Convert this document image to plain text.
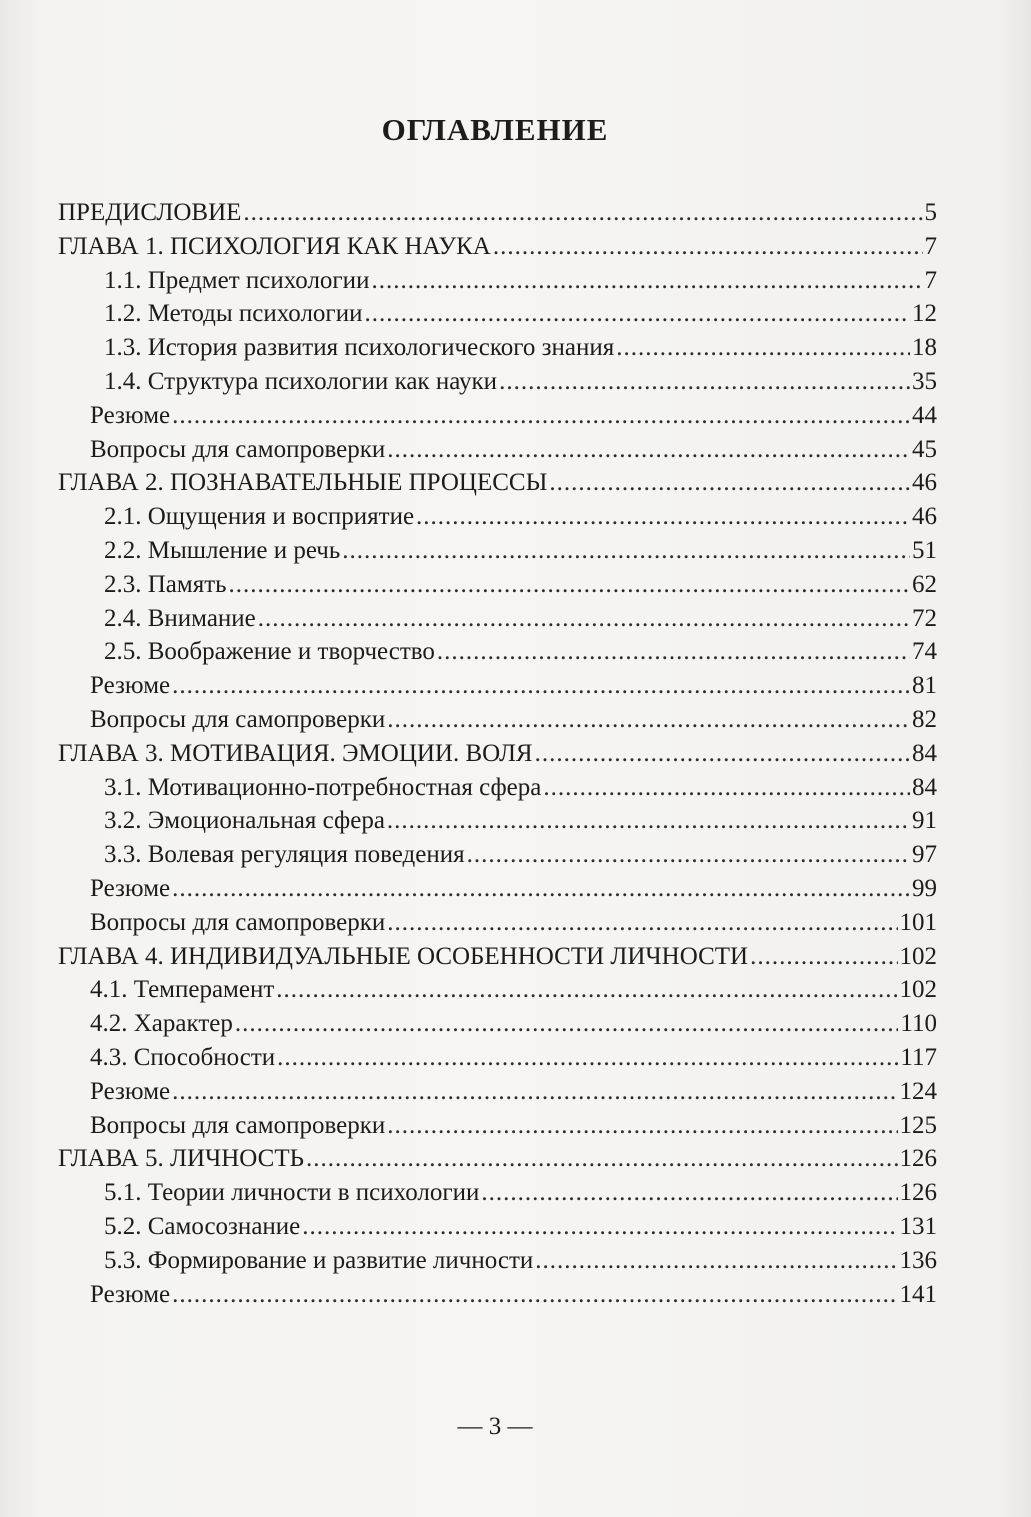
ОГЛАВЛЕНИЕ
ПРЕДИСЛОВИЕ .....	5
ГЛАВА 1. ПСИХОЛОГИЯ КАК НАУКА .....	7
1.1. Предмет психологии .....	7
1.2. Методы психологии .....	12
1.3. История развития психологического знания .....	18
1.4. Структура психологии как науки .....	35
Резюме .....	44
Вопросы для самопроверки .....	45
ГЛАВА 2. ПОЗНАВАТЕЛЬНЫЕ ПРОЦЕССЫ .....	46
2.1. Ощущения и восприятие .....	46
2.2. Мышление и речь .....	51
2.3. Память .....	62
2.4. Внимание .....	72
2.5. Воображение и творчество .....	74
Резюме .....	81
Вопросы для самопроверки .....	82
ГЛАВА 3. МОТИВАЦИЯ. ЭМОЦИИ. ВОЛЯ .....	84
3.1. Мотивационно-потребностная сфера .....	84
3.2. Эмоциональная сфера .....	91
3.3. Волевая регуляция поведения .....	97
Резюме .....	99
Вопросы для самопроверки .....	101
ГЛАВА 4. ИНДИВИДУАЛЬНЫЕ ОСОБЕННОСТИ ЛИЧНОСТИ .....	102
4.1. Темперамент .....	102
4.2. Характер .....	110
4.3. Способности .....	117
Резюме .....	124
Вопросы для самопроверки .....	125
ГЛАВА 5. ЛИЧНОСТЬ .....	126
5.1. Теории личности в психологии .....	126
5.2. Самосознание .....	131
5.3. Формирование и развитие личности .....	136
Резюме .....	141
— 3 —
